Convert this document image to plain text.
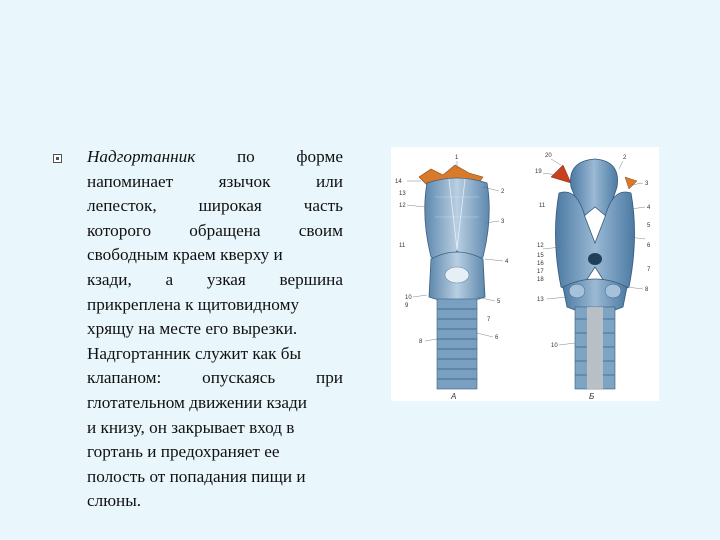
Надгортанник по форме
напоминает	язычок	или
лепесток, широкая часть
которого обращена своим
свободным краем кверху и
кзади, а узкая вершина
прикреплена к щитовидному
хрящу на месте его вырезки.
Надгортанник служит как бы
клапаном: опускаясь при
глотательном движении кзади
и книзу, он закрывает вход в
гортань и предохраняет ее
полость от попадания пищи и
слюны.
1
2
3
4
5
6
7
8
9
10
11
12
13
14
А
20
19
2
3
4
5
6
7
8
10
11
12
13
15
16
17
18
Б
